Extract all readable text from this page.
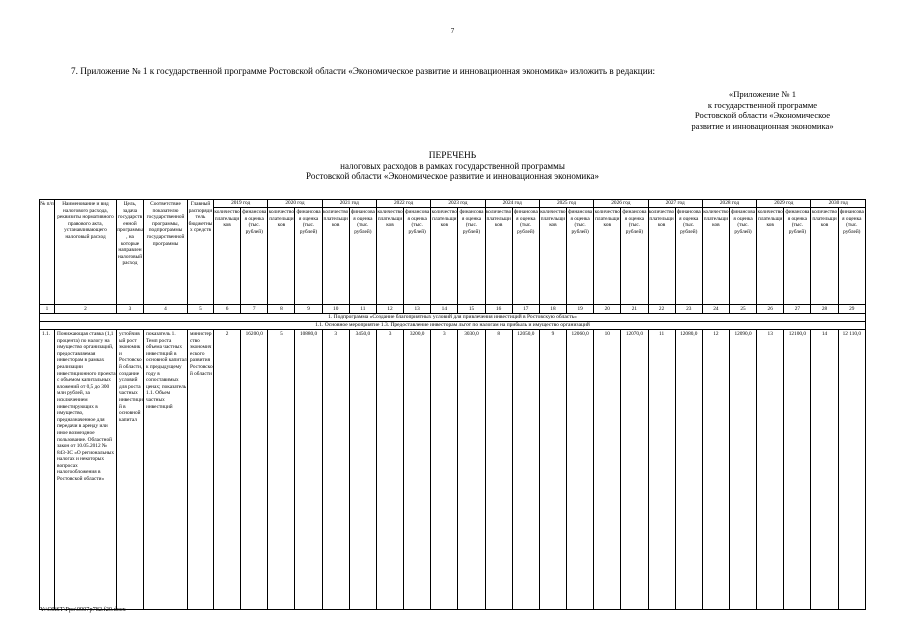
7
7. Приложение № 1 к государственной программе Ростовской области «Экономическое развитие и инновационная экономика» изложить в редакции:
«Приложение № 1
к государственной программе
Ростовской области «Экономическое
развитие и инновационная экономика»
ПЕРЕЧЕНЬ
налоговых расходов в рамках государственной программы
Ростовской области «Экономическое развитие и инновационная экономика»
№ п/п	Наименование и вид налогового расхода, реквизиты нормативного правового акта, устанавливающего налоговый расход	Цель, задача государственной программы, на которые направлен налоговый расход	Соответствие показателю государственной программы, подпрограммы государственной программы	Главный распорядитель бюджетных средств	2019 год		2020 год		2021 год		2022 год		2023 год		2024 год		2025 год		2026 год		2027 год		2028 год		2029 год		2030 год	
					количество плательщиков	финансовая оценка (тыс. рублей)	количество плательщиков	финансовая оценка (тыс. рублей)	количество плательщиков	финансовая оценка (тыс. рублей)	количество плательщиков	финансовая оценка (тыс. рублей)	количество плательщиков	финансовая оценка (тыс. рублей)	количество плательщиков	финансовая оценка (тыс. рублей)	количество плательщиков	финансовая оценка (тыс. рублей)	количество плательщиков	финансовая оценка (тыс. рублей)	количество плательщиков	финансовая оценка (тыс. рублей)	количество плательщиков	финансовая оценка (тыс. рублей)	количество плательщиков	финансовая оценка (тыс. рублей)	количество плательщиков	финансовая оценка (тыс. рублей)
1	2	3	4	5	6	7	8	9	10	11	12	13	14	15	16	17	18	19	20	21	22	23	24	25	26	27	28	29
1. Подпрограмма «Создание благоприятных условий для привлечения инвестиций в Ростовскую область»																												
1.1. Основное мероприятие 1.3. Предоставление инвесторам льгот по налогам на прибыль и имущество организаций																												
1.1.	Понижающая ставка (1,1 процента) по налогу на имущество организаций, предоставляемая инвесторам в рамках реализации инвестиционного проекта с объемом капитальных вложений от 0,5 до 300 млн рублей, за исключением инвестирующих в имущество, предназначенное для передачи в аренду или иное возмездное пользование. Областной закон от 10.05.2012 № 843-ЗС «О региональных налогах и некоторых вопросах налогообложения в Ростовской области»	устойчивый рост экономики Ростовской области, создание условий для роста частных инвестиций в основной капитал	показатель 1. Темп роста объема частных инвестиций в основной капитал к предыдущему году в сопоставимых ценах; показатель 1.1. Объем частных инвестиций	министерство экономического развития Ростовской области	2	16200,0	5	10880,0	3	3450,0	3	3200,0	3	3030,0	8	12050,0	9	12060,0	10	12070,0	11	12080,0	12	12090,0	13	12100,0	14	12 110,0
Y:\ORST\Ppo\0907p782.f20.docx
